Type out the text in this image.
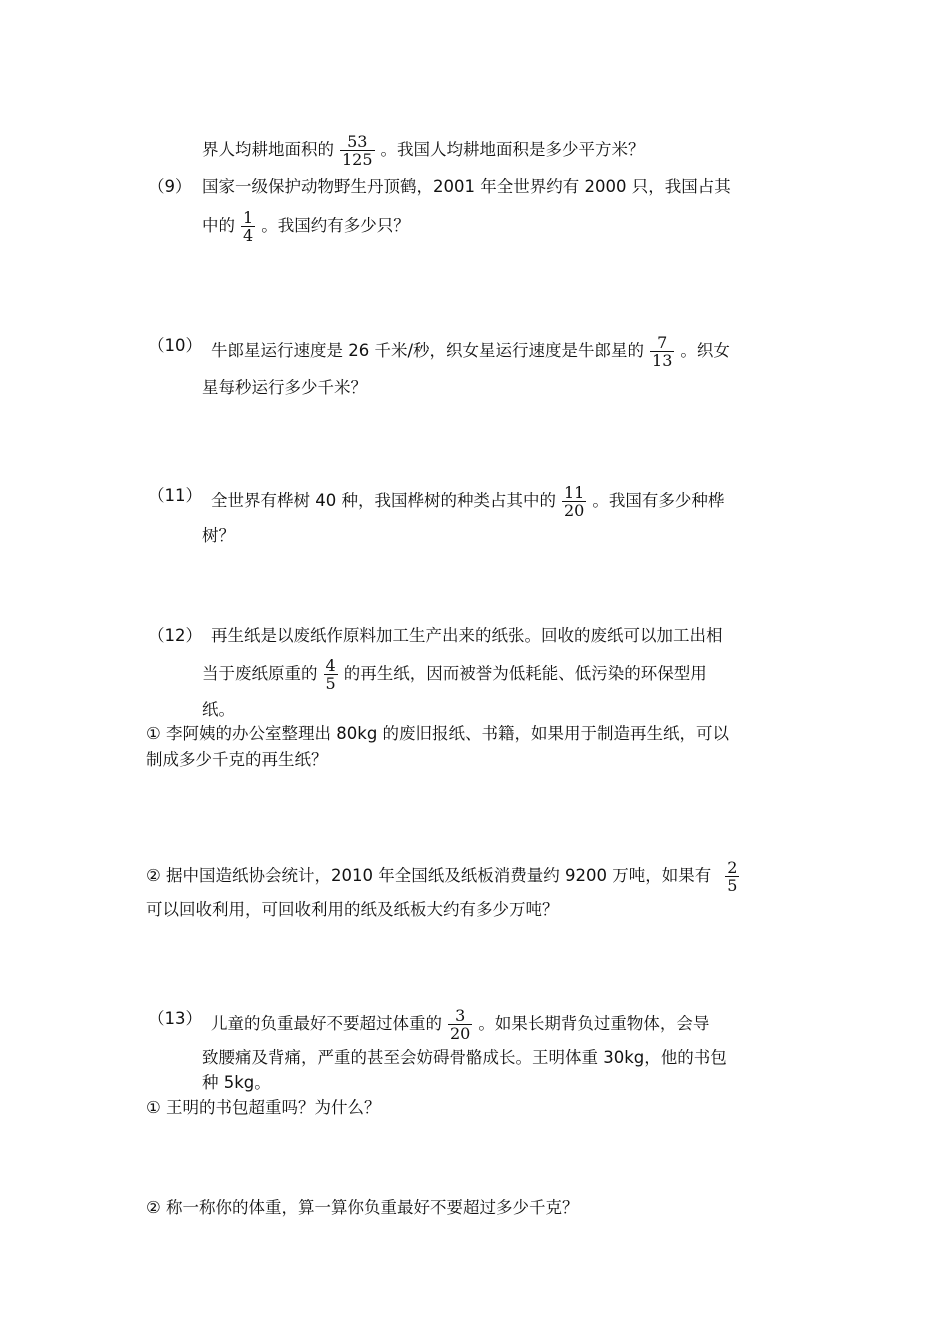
界人均耕地面积的 $\frac{53}{125}$ 。我国人均耕地面积是多少平方米？
（9） 国家一级保护动物野生丹顶鹤，2001 年全世界约有 2000 只，我国占其
中的 $\frac{1}{4}$ 。我国约有多少只？
（10） 牛郎星运行速度是 26 千米/秒，织女星运行速度是牛郎星的 $\frac{7}{13}$ 。织女
星每秒运行多少千米？
（11） 全世界有桦树 40 种，我国桦树的种类占其中的 $\frac{11}{20}$ 。我国有多少种桦
树？
（12） 再生纸是以废纸作原料加工生产出来的纸张。回收的废纸可以加工出相
当于废纸原重的 $\frac{4}{5}$ 的再生纸，因而被誉为低耗能、低污染的环保型用
纸。
① 李阿姨的办公室整理出 80kg 的废旧报纸、书籍，如果用于制造再生纸，可以
制成多少千克的再生纸？
② 据中国造纸协会统计，2010 年全国纸及纸板消费量约 9200 万吨，如果有 $\frac{2}{5}$
可以回收利用，可回收利用的纸及纸板大约有多少万吨？
（13） 儿童的负重最好不要超过体重的 $\frac{3}{20}$ 。如果长期背负过重物体，会导
致腰痛及背痛，严重的甚至会妨碍骨骼成长。王明体重 30kg，他的书包
种 5kg。
① 王明的书包超重吗？为什么？
② 称一称你的体重，算一算你负重最好不要超过多少千克？
